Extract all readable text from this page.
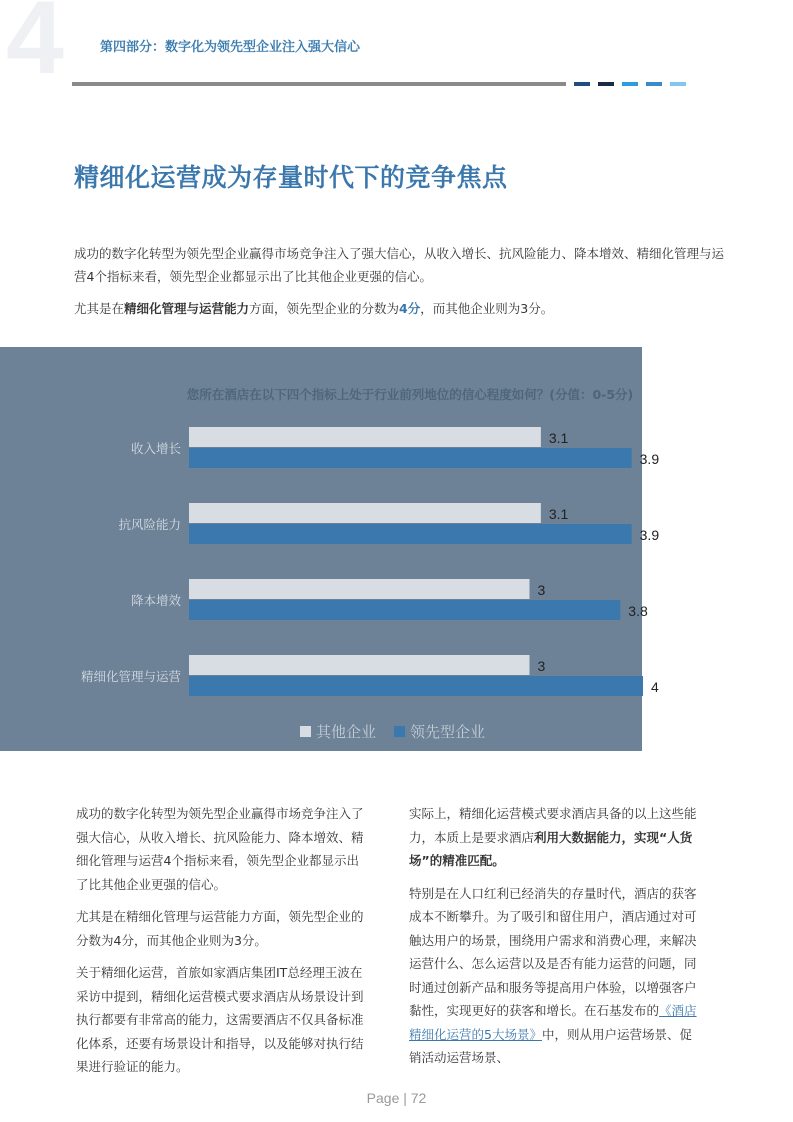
4	第四部分：数字化为领先型企业注入强大信心
精细化运营成为存量时代下的竞争焦点

成功的数字化转型为领先型企业赢得市场竞争注入了强大信心，从收入增长、抗风险能力、降本增效、精细化管理与运营4个指标来看，领先型企业都显示出了比其他企业更强的信心。

尤其是在精细化管理与运营能力方面，领先型企业的分数为4分，而其他企业则为3分。

您所在酒店在以下四个指标上处于行业前列地位的信心程度如何？(分值：0-5分)
收入增长
3.1
3.9
抗风险能力
3.1
3.9
降本增效
3
3.8
精细化管理与运营
3
4
其他企业 领先型企业

成功的数字化转型为领先型企业赢得市场竞争注入了强大信心，从收入增长、抗风险能力、降本增效、精细化管理与运营4个指标来看，领先型企业都显示出了比其他企业更强的信心。

尤其是在精细化管理与运营能力方面，领先型企业的分数为4分，而其他企业则为3分。

关于精细化运营，首旅如家酒店集团IT总经理王波在采访中提到，精细化运营模式要求酒店从场景设计到执行都要有非常高的能力，这需要酒店不仅具备标准化体系，还要有场景设计和指导，以及能够对执行结果进行验证的能力。

实际上，精细化运营模式要求酒店具备的以上这些能力，本质上是要求酒店利用大数据能力，实现“人货场”的精准匹配。

特别是在人口红利已经消失的存量时代，酒店的获客成本不断攀升。为了吸引和留住用户，酒店通过对可触达用户的场景，围绕用户需求和消费心理，来解决运营什么、怎么运营以及是否有能力运营的问题，同时通过创新产品和服务等提高用户体验，以增强客户黏性，实现更好的获客和增长。在石基发布的《酒店精细化运营的5大场景》中，则从用户运营场景、促销活动运营场景、

Page | 72
